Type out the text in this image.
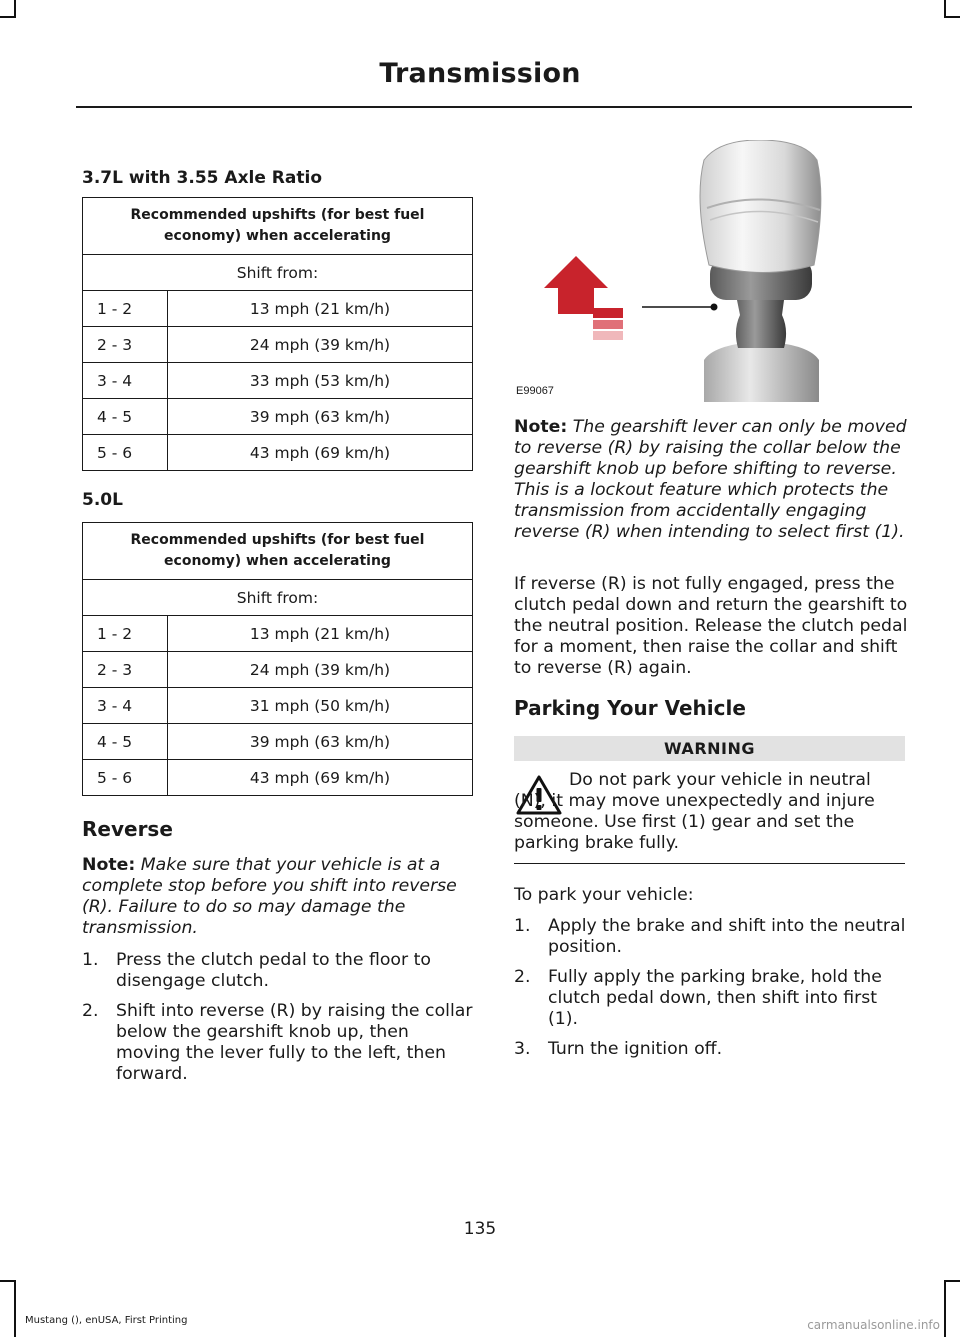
Transmission
3.7L with 3.55 Axle Ratio
Recommended upshifts (for best fuel economy) when accelerating	
Shift from:	
1 - 2	13 mph (21 km/h)
2 - 3	24 mph (39 km/h)
3 - 4	33 mph (53 km/h)
4 - 5	39 mph (63 km/h)
5 - 6	43 mph (69 km/h)
5.0L
Recommended upshifts (for best fuel economy) when accelerating	
Shift from:	
1 - 2	13 mph (21 km/h)
2 - 3	24 mph (39 km/h)
3 - 4	31 mph (50 km/h)
4 - 5	39 mph (63 km/h)
5 - 6	43 mph (69 km/h)
Reverse
Note: Make sure that your vehicle is at a complete stop before you shift into reverse (R). Failure to do so may damage the transmission.
1. Press the clutch pedal to the floor to disengage clutch.
2. Shift into reverse (R) by raising the collar below the gearshift knob up, then moving the lever fully to the left, then forward.
E99067
Note: The gearshift lever can only be moved to reverse (R) by raising the collar below the gearshift knob up before shifting to reverse. This is a lockout feature which protects the transmission from accidentally engaging reverse (R) when intending to select first (1).
If reverse (R) is not fully engaged, press the clutch pedal down and return the gearshift to the neutral position. Release the clutch pedal for a moment, then raise the collar and shift to reverse (R) again.
Parking Your Vehicle
WARNING
Do not park your vehicle in neutral (N), it may move unexpectedly and injure someone. Use first (1) gear and set the parking brake fully.
To park your vehicle:
1. Apply the brake and shift into the neutral position.
2. Fully apply the parking brake, hold the clutch pedal down, then shift into first (1).
3. Turn the ignition off.
135
Mustang (), enUSA, First Printing	carmanualsonline.info
